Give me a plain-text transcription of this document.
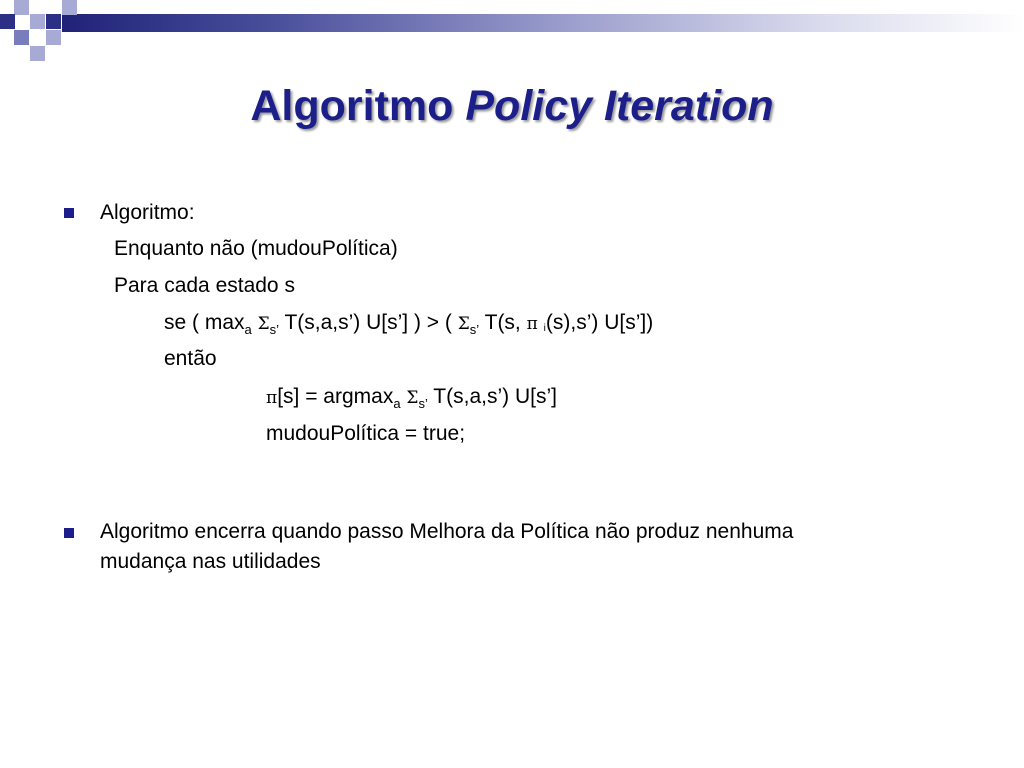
Algoritmo Policy Iteration
Algoritmo:
Enquanto não (mudouPolítica)
Para cada estado s
se ( $\max_a \Sigma_{s’}$ T(s,a,s’) U[s’] ) > ( $\Sigma_{s’}$ T(s, π $_i$(s),s’) U[s’])
então
π[s] = argmax$_a$ $\Sigma_{s’}$ T(s,a,s’) U[s’]
mudouPolítica = true;
Algoritmo encerra quando passo Melhora da Política não produz nenhuma
mudança nas utilidades
